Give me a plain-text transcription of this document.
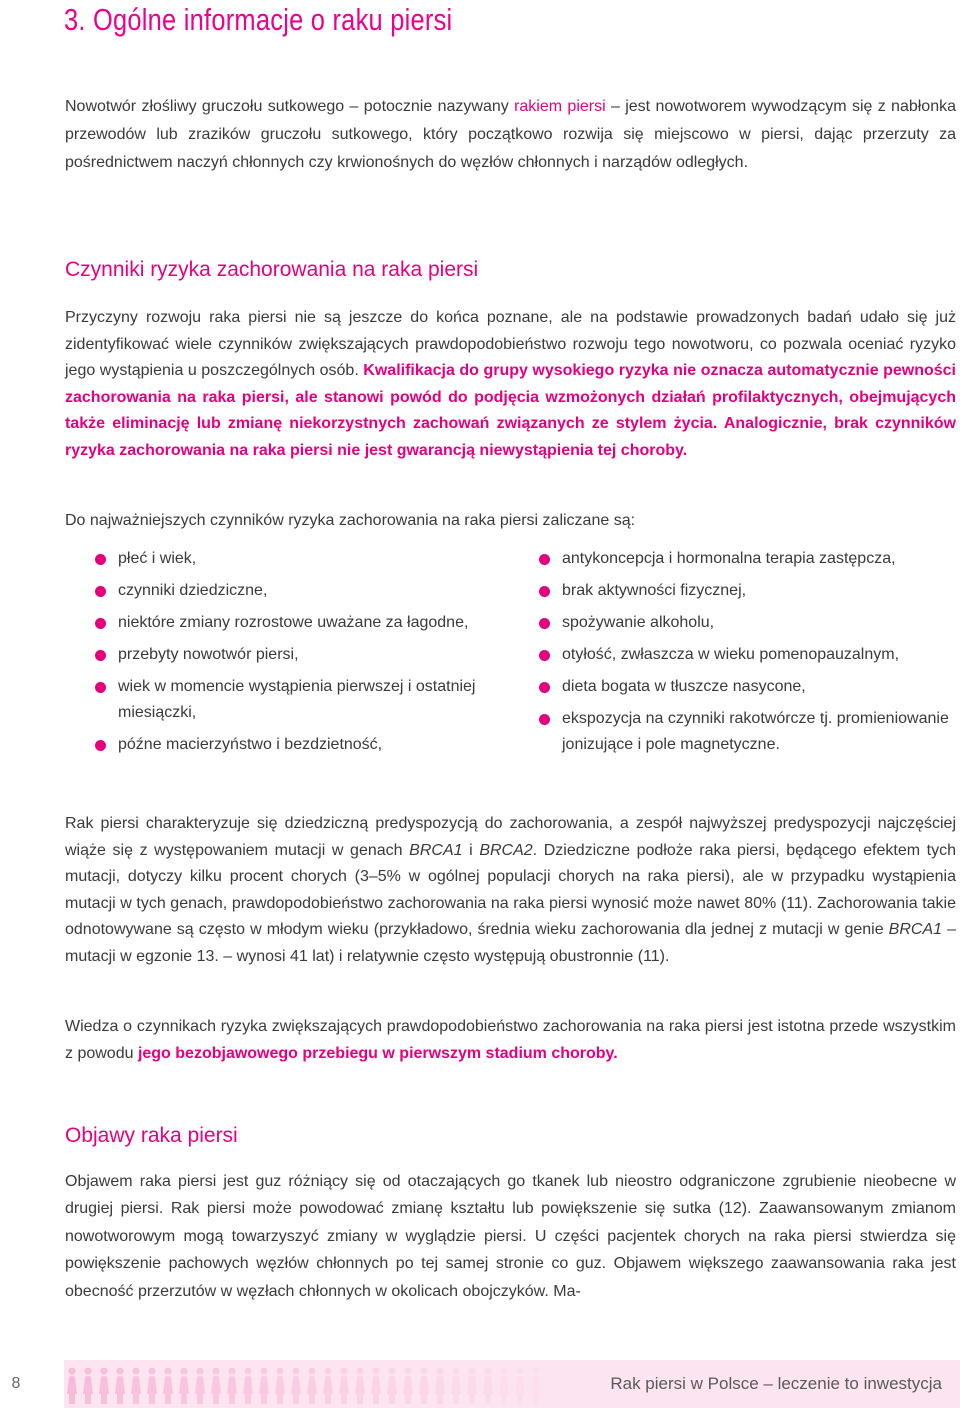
3. Ogólne informacje o raku piersi

Nowotwór złośliwy gruczołu sutkowego – potocznie nazywany rakiem piersi – jest nowotworem wywodzącym się z nabłonka przewodów lub zrazików gruczołu sutkowego, który początkowo rozwija się miejscowo w piersi, dając przerzuty za pośrednictwem naczyń chłonnych czy krwionośnych do węzłów chłonnych i narządów odległych.

Czynniki ryzyka zachorowania na raka piersi

Przyczyny rozwoju raka piersi nie są jeszcze do końca poznane, ale na podstawie prowadzonych badań udało się już zidentyfikować wiele czynników zwiększających prawdopodobieństwo rozwoju tego nowotworu, co pozwala oceniać ryzyko jego wystąpienia u poszczególnych osób. Kwalifikacja do grupy wysokiego ryzyka nie oznacza automatycznie pewności zachorowania na raka piersi, ale stanowi powód do podjęcia wzmożonych działań profilaktycznych, obejmujących także eliminację lub zmianę niekorzystnych zachowań związanych ze stylem życia. Analogicznie, brak czynników ryzyka zachorowania na raka piersi nie jest gwarancją niewystąpienia tej choroby.

Do najważniejszych czynników ryzyka zachorowania na raka piersi zaliczane są:

płeć i wiek,
czynniki dziedziczne,
niektóre zmiany rozrostowe uważane za łagodne,
przebyty nowotwór piersi,
wiek w momencie wystąpienia pierwszej i ostatniej miesiączki,
późne macierzyństwo i bezdzietność,
antykoncepcja i hormonalna terapia zastępcza,
brak aktywności fizycznej,
spożywanie alkoholu,
otyłość, zwłaszcza w wieku pomenopauzalnym,
dieta bogata w tłuszcze nasycone,
ekspozycja na czynniki rakotwórcze tj. promieniowanie jonizujące i pole magnetyczne.

Rak piersi charakteryzuje się dziedziczną predyspozycją do zachorowania, a zespół najwyższej predyspozycji najczęściej wiąże się z występowaniem mutacji w genach BRCA1 i BRCA2. Dziedziczne podłoże raka piersi, będącego efektem tych mutacji, dotyczy kilku procent chorych (3–5% w ogólnej populacji chorych na raka piersi), ale w przypadku wystąpienia mutacji w tych genach, prawdopodobieństwo zachorowania na raka piersi wynosić może nawet 80% (11). Zachorowania takie odnotowywane są często w młodym wieku (przykładowo, średnia wieku zachorowania dla jednej z mutacji w genie BRCA1 – mutacji w egzonie 13. – wynosi 41 lat) i relatywnie często występują obustronnie (11).

Wiedza o czynnikach ryzyka zwiększających prawdopodobieństwo zachorowania na raka piersi jest istotna przede wszystkim z powodu jego bezobjawowego przebiegu w pierwszym stadium choroby.

Objawy raka piersi

Objawem raka piersi jest guz różniący się od otaczających go tkanek lub nieostro odgraniczone zgrubienie nieobecne w drugiej piersi. Rak piersi może powodować zmianę kształtu lub powiększenie się sutka (12). Zaawansowanym zmianom nowotworowym mogą towarzyszyć zmiany w wyglądzie piersi. U części pacjentek chorych na raka piersi stwierdza się powiększenie pachowych węzłów chłonnych po tej samej stronie co guz. Objawem większego zaawansowania raka jest obecność przerzutów w węzłach chłonnych w okolicach obojczyków. Ma-

8	Rak piersi w Polsce – leczenie to inwestycja
